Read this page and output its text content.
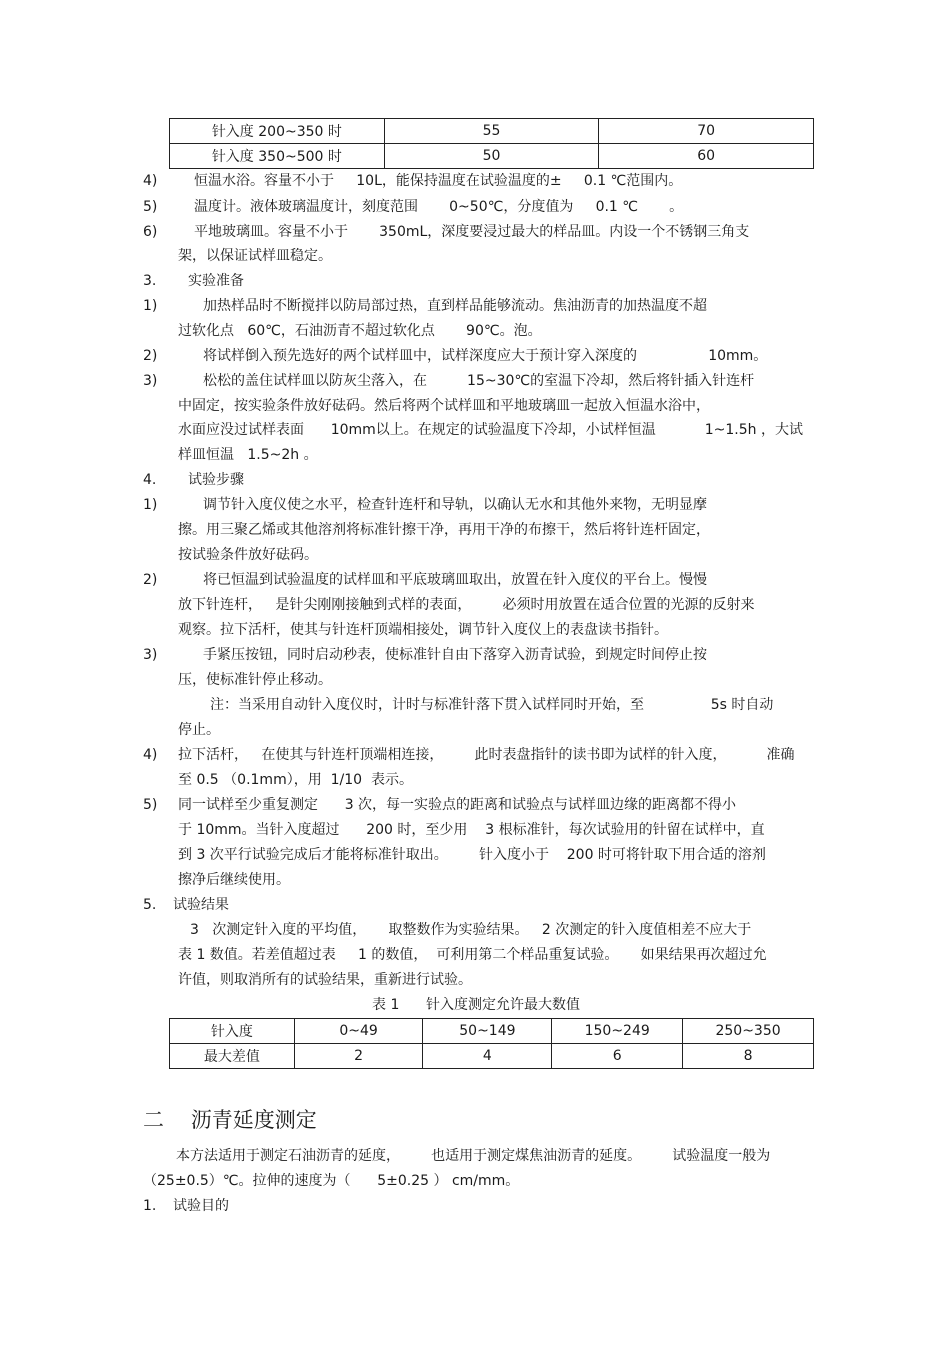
针入度 200~350 时	55	70
针入度 350~500 时	50	60
4)	恒温水浴。容量不小于     10L，能保持温度在试验温度的±     0.1 ℃范围内。
5)	温度计。液体玻璃温度计，刻度范围       0~50℃，分度值为     0.1 ℃       。
6)	平地玻璃皿。容量不小于       350mL，深度要浸过最大的样品皿。内设一个不锈钢三角支
架，以保证试样皿稳定。
3. 实验准备
1)	加热样品时不断搅拌以防局部过热，直到样品能够流动。焦油沥青的加热温度不超
过软化点   60℃，石油沥青不超过软化点       90℃。泡。
2)	将试样倒入预先选好的两个试样皿中，试样深度应大于预计穿入深度的                10mm。
3)	松松的盖住试样皿以防灰尘落入，在         15~30℃的室温下冷却，然后将针插入针连杆
中固定，按实验条件放好砝码。然后将两个试样皿和平地玻璃皿一起放入恒温水浴中，
水面应没过试样表面      10mm以上。在规定的试验温度下冷却，小试样恒温           1~1.5h ，大试
样皿恒温   1.5~2h 。
4. 试验步骤
1)	调节针入度仪使之水平，检查针连杆和导轨，以确认无水和其他外来物，无明显摩
擦。用三聚乙烯或其他溶剂将标准针擦干净，再用干净的布擦干，然后将针连杆固定，
按试验条件放好砝码。
2)	将已恒温到试验温度的试样皿和平底玻璃皿取出，放置在针入度仪的平台上。慢慢
放下针连杆，   是针尖刚刚接触到式样的表面，       必须时用放置在适合位置的光源的反射来
观察。拉下活杆，使其与针连杆顶端相接处，调节针入度仪上的表盘读书指针。
3)	手紧压按钮，同时启动秒表，使标准针自由下落穿入沥青试验，到规定时间停止按
压，使标准针停止移动。
注：当采用自动针入度仪时，计时与标准针落下贯入试样同时开始，至               5s 时自动
停止。
4) 拉下活杆，   在使其与针连杆顶端相连接，       此时表盘指针的读书即为试样的针入度，         准确
至 0.5 （0.1mm），用  1/10  表示。
5) 同一试样至少重复测定      3 次，每一实验点的距离和试验点与试样皿边缘的距离都不得小
于 10mm。当针入度超过      200 时，至少用    3 根标准针，每次试验用的针留在试样中，直
到 3 次平行试验完成后才能将标准针取出。       针入度小于    200 时可将针取下用合适的溶剂
擦净后继续使用。
5. 试验结果
3   次测定针入度的平均值，     取整数作为实验结果。   2 次测定的针入度值相差不应大于
表 1 数值。若差值超过表     1 的数值，  可利用第二个样品重复试验。     如果结果再次超过允
许值，则取消所有的试验结果，重新进行试验。
表 1      针入度测定允许最大数值
针入度	0~49	50~149	150~249	250~350
最大差值	2	4	6	8
二    沥青延度测定
本方法适用于测定石油沥青的延度，       也适用于测定煤焦油沥青的延度。       试验温度一般为
（25±0.5）℃。拉伸的速度为（      5±0.25 ） cm/mm。
1. 试验目的
